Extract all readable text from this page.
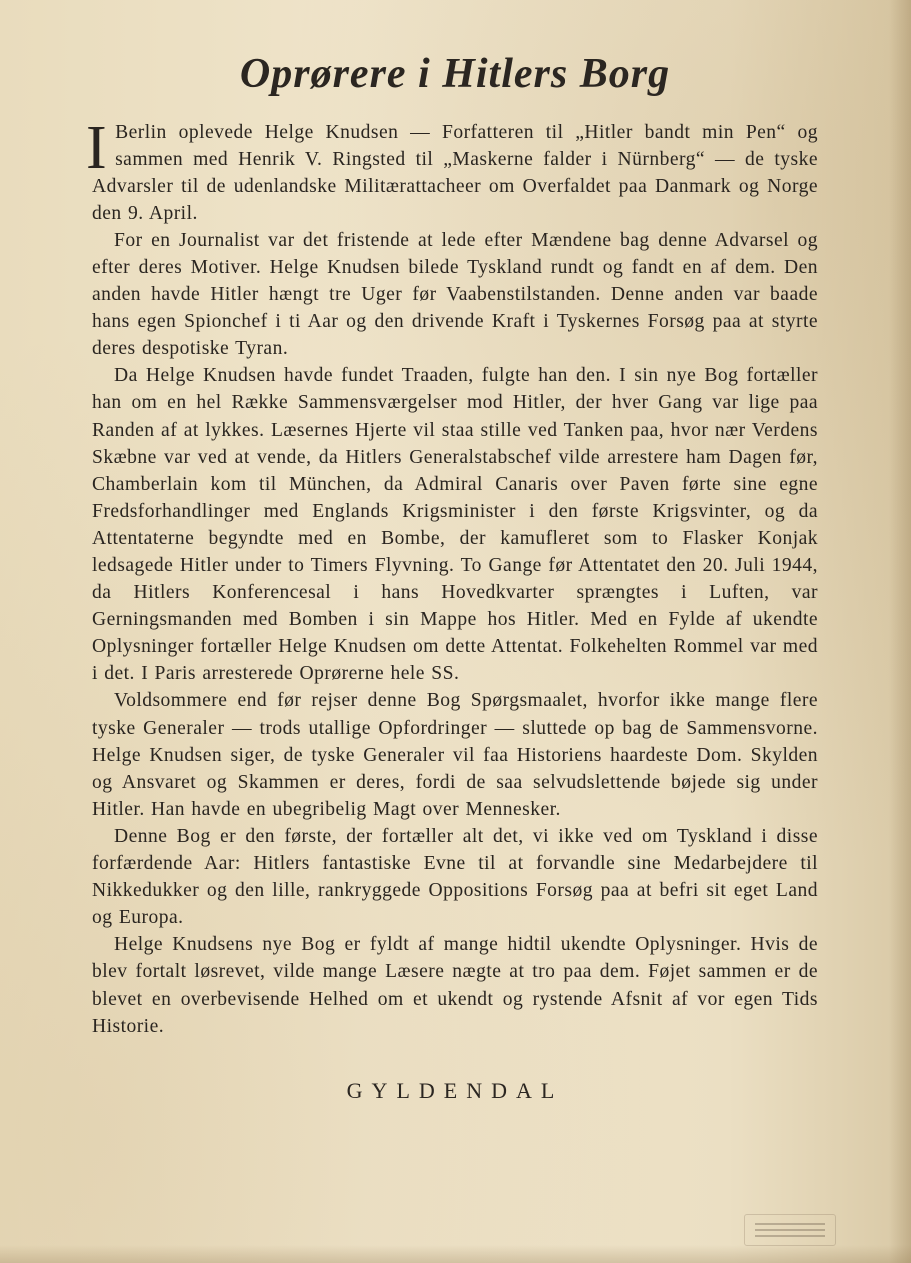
Oprørere i Hitlers Borg

I Berlin oplevede Helge Knudsen — Forfatteren til „Hitler bandt min Pen“ og sammen med Henrik V. Ringsted til „Maskerne falder i Nürnberg“ — de tyske Advarsler til de udenlandske Militærattacheer om Overfaldet paa Danmark og Norge den 9. April.

For en Journalist var det fristende at lede efter Mændene bag denne Advarsel og efter deres Motiver. Helge Knudsen bilede Tyskland rundt og fandt en af dem. Den anden havde Hitler hængt tre Uger før Vaabenstilstanden. Denne anden var baade hans egen Spionchef i ti Aar og den drivende Kraft i Tyskernes Forsøg paa at styrte deres despotiske Tyran.

Da Helge Knudsen havde fundet Traaden, fulgte han den. I sin nye Bog fortæller han om en hel Række Sammensværgelser mod Hitler, der hver Gang var lige paa Randen af at lykkes. Læsernes Hjerte vil staa stille ved Tanken paa, hvor nær Verdens Skæbne var ved at vende, da Hitlers Generalstabschef vilde arrestere ham Dagen før, Chamberlain kom til München, da Admiral Canaris over Paven førte sine egne Fredsforhandlinger med Englands Krigsminister i den første Krigsvinter, og da Attentaterne begyndte med en Bombe, der kamufleret som to Flasker Konjak ledsagede Hitler under to Timers Flyvning. To Gange før Attentatet den 20. Juli 1944, da Hitlers Konferencesal i hans Hovedkvarter sprængtes i Luften, var Gerningsmanden med Bomben i sin Mappe hos Hitler. Med en Fylde af ukendte Oplysninger fortæller Helge Knudsen om dette Attentat. Folkehelten Rommel var med i det. I Paris arresterede Oprørerne hele SS.

Voldsommere end før rejser denne Bog Spørgsmaalet, hvorfor ikke mange flere tyske Generaler — trods utallige Opfordringer — sluttede op bag de Sammensvorne. Helge Knudsen siger, de tyske Generaler vil faa Historiens haardeste Dom. Skylden og Ansvaret og Skammen er deres, fordi de saa selvudslettende bøjede sig under Hitler. Han havde en ubegribelig Magt over Mennesker.

Denne Bog er den første, der fortæller alt det, vi ikke ved om Tyskland i disse forfærdende Aar: Hitlers fantastiske Evne til at forvandle sine Medarbejdere til Nikkedukker og den lille, rankryggede Oppositions Forsøg paa at befri sit eget Land og Europa.

Helge Knudsens nye Bog er fyldt af mange hidtil ukendte Oplysninger. Hvis de blev fortalt løsrevet, vilde mange Læsere nægte at tro paa dem. Føjet sammen er de blevet en overbevisende Helhed om et ukendt og rystende Afsnit af vor egen Tids Historie.

GYLDENDAL
